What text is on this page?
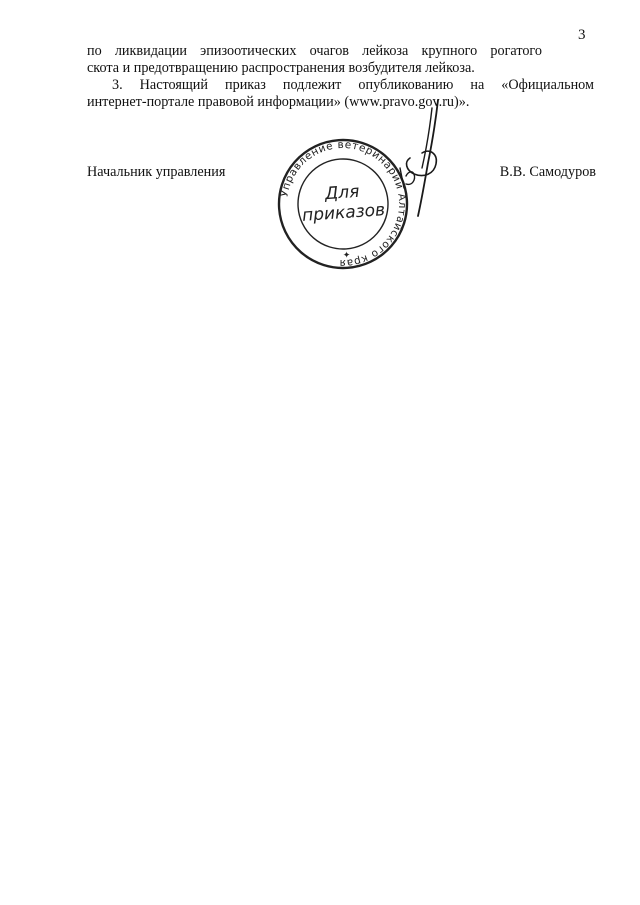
3
по ликвидации эпизоотических очагов лейкоза крупного рогатого
скота и предотвращению распространения возбудителя лейкоза.
3. Настоящий приказ подлежит опубликованию на «Официальном
интернет-портале правовой информации» (www.pravo.gov.ru)».
Начальник управления	В.В. Самодуров
Управление ветеринарии Алтайского края
Для
приказов
✦
